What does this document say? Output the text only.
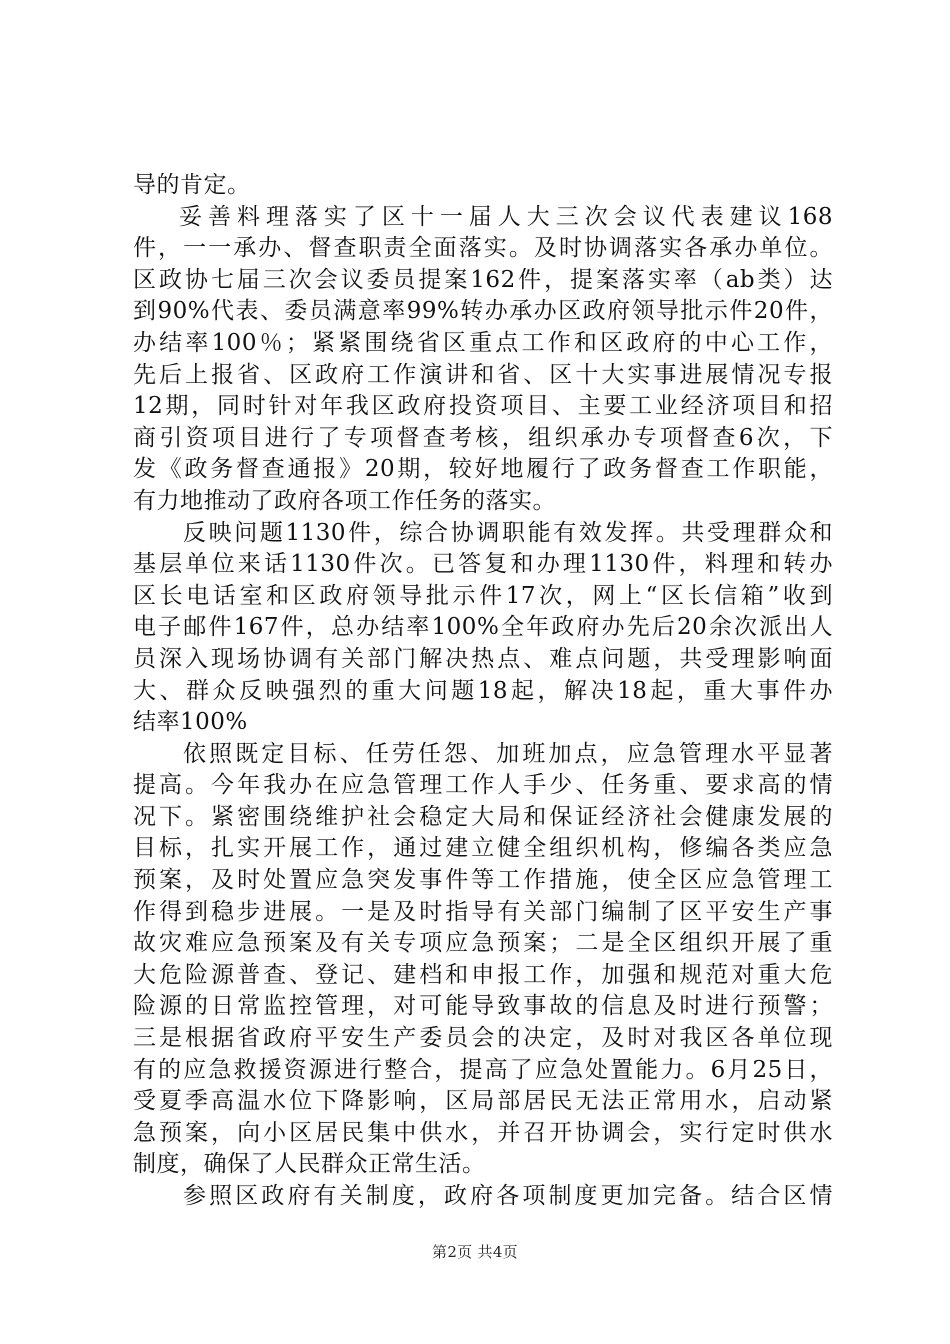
导的肯定。
妥善料理落实了区十一届人大三次会议代表建议168
件，一一承办、督查职责全面落实。及时协调落实各承办单位。
区政协七届三次会议委员提案162件，提案落实率（ab类）达
到90%代表、委员满意率99%转办承办区政府领导批示件20件，
办结率100％；紧紧围绕省区重点工作和区政府的中心工作，
先后上报省、区政府工作演讲和省、区十大实事进展情况专报
12期，同时针对年我区政府投资项目、主要工业经济项目和招
商引资项目进行了专项督查考核，组织承办专项督查6次，下
发《政务督查通报》20期，较好地履行了政务督查工作职能，
有力地推动了政府各项工作任务的落实。
反映问题1130件，综合协调职能有效发挥。共受理群众和
基层单位来话1130件次。已答复和办理1130件，料理和转办
区长电话室和区政府领导批示件17次，网上“区长信箱”收到
电子邮件167件，总办结率100%全年政府办先后20余次派出人
员深入现场协调有关部门解决热点、难点问题，共受理影响面
大、群众反映强烈的重大问题18起，解决18起，重大事件办
结率100%
依照既定目标、任劳任怨、加班加点，应急管理水平显著
提高。今年我办在应急管理工作人手少、任务重、要求高的情
况下。紧密围绕维护社会稳定大局和保证经济社会健康发展的
目标，扎实开展工作，通过建立健全组织机构，修编各类应急
预案，及时处置应急突发事件等工作措施，使全区应急管理工
作得到稳步进展。一是及时指导有关部门编制了区平安生产事
故灾难应急预案及有关专项应急预案；二是全区组织开展了重
大危险源普查、登记、建档和申报工作，加强和规范对重大危
险源的日常监控管理，对可能导致事故的信息及时进行预警；
三是根据省政府平安生产委员会的决定，及时对我区各单位现
有的应急救援资源进行整合，提高了应急处置能力。6月25日，
受夏季高温水位下降影响，区局部居民无法正常用水，启动紧
急预案，向小区居民集中供水，并召开协调会，实行定时供水
制度，确保了人民群众正常生活。
参照区政府有关制度，政府各项制度更加完备。结合区情
第2页 共4页
